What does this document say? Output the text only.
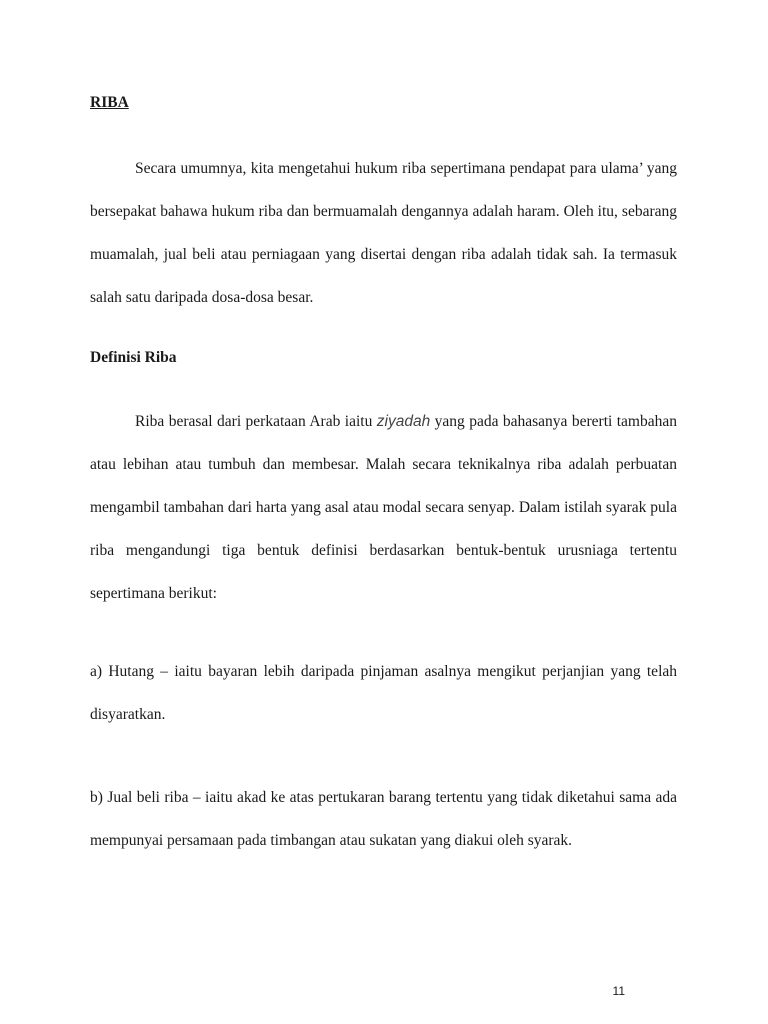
RIBA

Secara umumnya, kita mengetahui hukum riba sepertimana pendapat para ulama’ yang bersepakat bahawa hukum riba dan bermuamalah dengannya adalah haram. Oleh itu, sebarang muamalah, jual beli atau perniagaan yang disertai dengan riba adalah tidak sah. Ia termasuk salah satu daripada dosa-dosa besar.

Definisi Riba

Riba berasal dari perkataan Arab iaitu ziyadah yang pada bahasanya bererti tambahan atau lebihan atau tumbuh dan membesar. Malah secara teknikalnya riba adalah perbuatan mengambil tambahan dari harta yang asal atau modal secara senyap. Dalam istilah syarak pula riba mengandungi tiga bentuk definisi berdasarkan bentuk-bentuk urusniaga tertentu sepertimana berikut:

a) Hutang – iaitu bayaran lebih daripada pinjaman asalnya mengikut perjanjian yang telah disyaratkan.

b) Jual beli riba – iaitu akad ke atas pertukaran barang tertentu yang tidak diketahui sama ada mempunyai persamaan pada timbangan atau sukatan yang diakui oleh syarak.

11
